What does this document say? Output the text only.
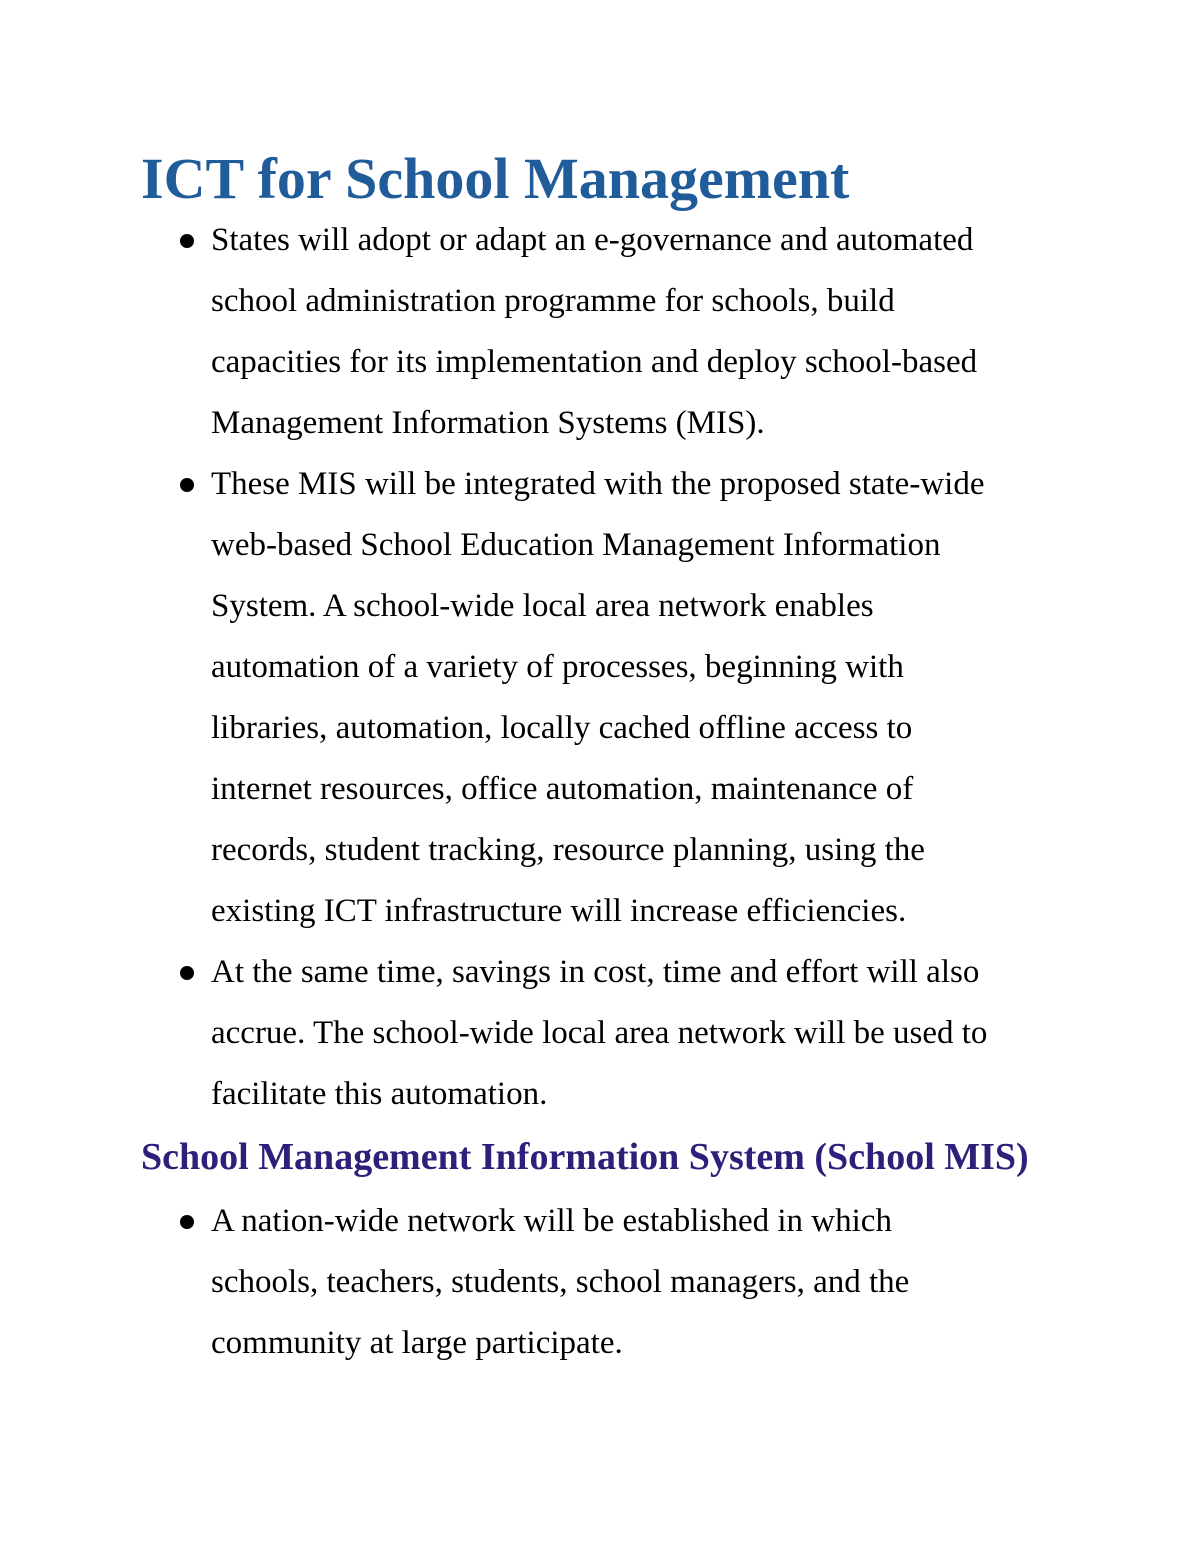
ICT for School Management
States will adopt or adapt an e-governance and automated
school administration programme for schools, build
capacities for its implementation and deploy school-based
Management Information Systems (MIS).
These MIS will be integrated with the proposed state-wide
web-based School Education Management Information
System. A school-wide local area network enables
automation of a variety of processes, beginning with
libraries, automation, locally cached offline access to
internet resources, office automation, maintenance of
records, student tracking, resource planning, using the
existing ICT infrastructure will increase efficiencies.
At the same time, savings in cost, time and effort will also
accrue. The school-wide local area network will be used to
facilitate this automation.
School Management Information System (School MIS)
A nation-wide network will be established in which
schools, teachers, students, school managers, and the
community at large participate.
